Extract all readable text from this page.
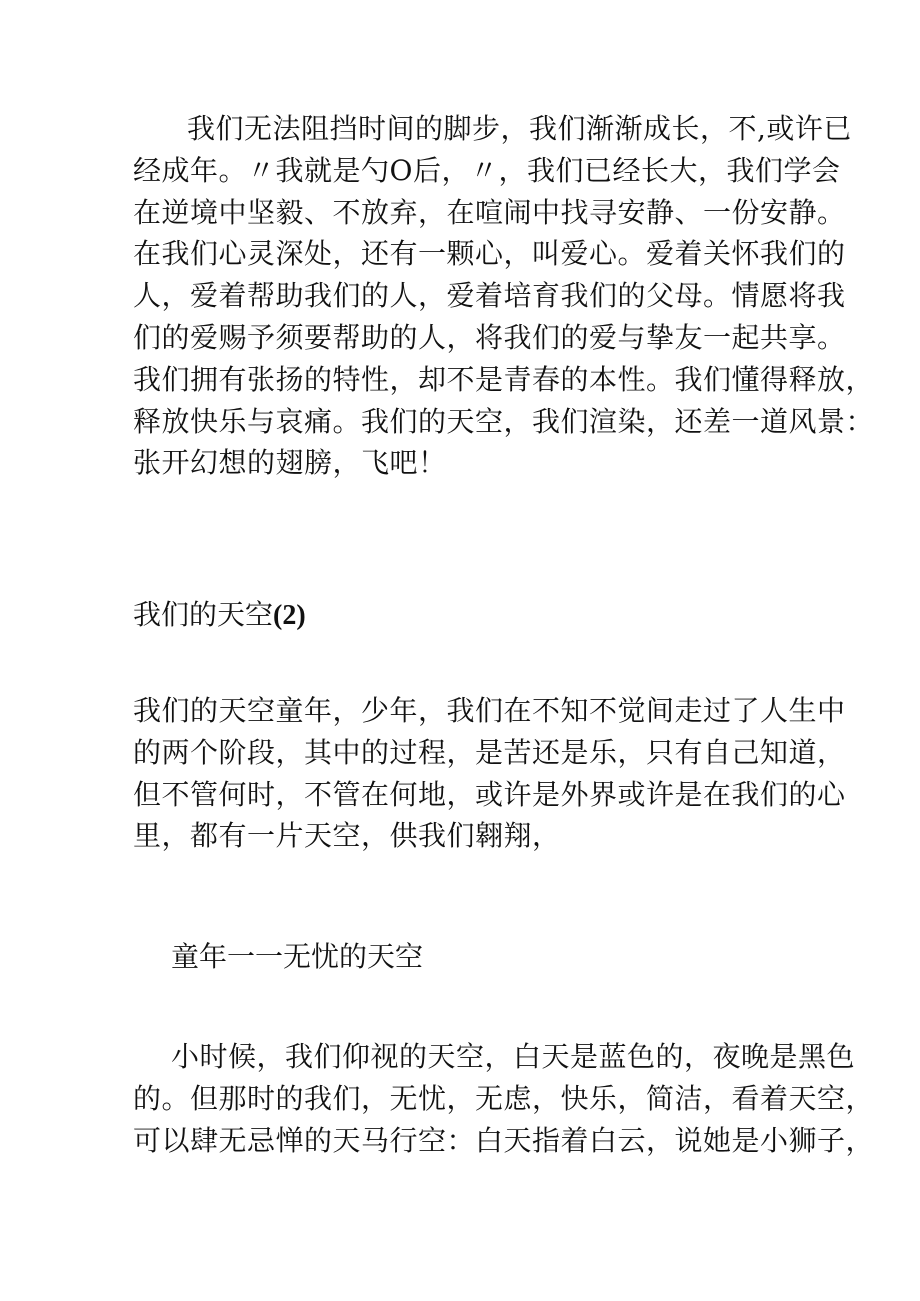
我们无法阻挡时间的脚步，我们渐渐成长，不,或许已
经成年。〃我就是勺O后，〃，我们已经长大，我们学会
在逆境中坚毅、不放弃，在喧闹中找寻安静、一份安静。
在我们心灵深处，还有一颗心，叫爱心。爱着关怀我们的
人，爱着帮助我们的人，爱着培育我们的父母。情愿将我
们的爱赐予须要帮助的人，将我们的爱与挚友一起共享。
我们拥有张扬的特性，却不是青春的本性。我们懂得释放，
释放快乐与哀痛。我们的天空，我们渲染，还差一道风景：
张开幻想的翅膀，飞吧！
我们的天空(2)
我们的天空童年，少年，我们在不知不觉间走过了人生中
的两个阶段，其中的过程，是苦还是乐，只有自己知道，
但不管何时，不管在何地，或许是外界或许是在我们的心
里，都有一片天空，供我们翱翔，
童年一一无忧的天空
小时候，我们仰视的天空，白天是蓝色的，夜晚是黑色
的。但那时的我们，无忧，无虑，快乐，简洁，看着天空，
可以肆无忌惮的天马行空：白天指着白云，说她是小狮子，
